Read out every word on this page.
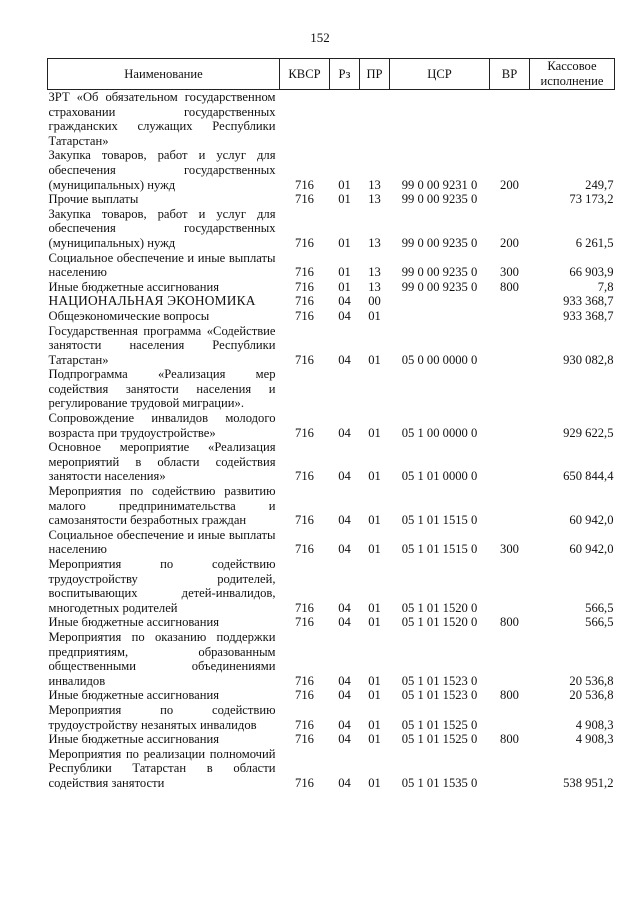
152
Наименование	КВСР	Рз	ПР	ЦСР	ВР	Кассовое исполнение
ЗРТ «Об обязательном государственном страховании государственных гражданских служащих Республики Татарстан»						
Закупка товаров, работ и услуг для обеспечения государственных (муниципальных) нужд	716	01	13	99 0 00 9231 0	200	249,7
Прочие выплаты	716	01	13	99 0 00 9235 0		73 173,2
Закупка товаров, работ и услуг для обеспечения государственных (муниципальных) нужд	716	01	13	99 0 00 9235 0	200	6 261,5
Социальное обеспечение и иные выплаты населению	716	01	13	99 0 00 9235 0	300	66 903,9
Иные бюджетные ассигнования	716	01	13	99 0 00 9235 0	800	7,8
НАЦИОНАЛЬНАЯ ЭКОНОМИКА	716	04	00			933 368,7
Общеэкономические вопросы	716	04	01			933 368,7
Государственная программа «Содействие занятости населения Республики Татарстан»	716	04	01	05 0 00 0000 0		930 082,8
Подпрограмма «Реализация мер содействия занятости населения и регулирование трудовой миграции».						
Сопровождение инвалидов молодого возраста при трудоустройстве»	716	04	01	05 1 00 0000 0		929 622,5
Основное мероприятие «Реализация мероприятий в области содействия занятости населения»	716	04	01	05 1 01 0000 0		650 844,4
Мероприятия по содействию развитию малого предпринимательства и самозанятости безработных граждан	716	04	01	05 1 01 1515 0		60 942,0
Социальное обеспечение и иные выплаты населению	716	04	01	05 1 01 1515 0	300	60 942,0
Мероприятия по содействию трудоустройству родителей, воспитывающих детей-инвалидов, многодетных родителей	716	04	01	05 1 01 1520 0		566,5
Иные бюджетные ассигнования	716	04	01	05 1 01 1520 0	800	566,5
Мероприятия по оказанию поддержки предприятиям, образованным общественными объединениями инвалидов	716	04	01	05 1 01 1523 0		20 536,8
Иные бюджетные ассигнования	716	04	01	05 1 01 1523 0	800	20 536,8
Мероприятия по содействию трудоустройству незанятых инвалидов	716	04	01	05 1 01 1525 0		4 908,3
Иные бюджетные ассигнования	716	04	01	05 1 01 1525 0	800	4 908,3
Мероприятия по реализации полномочий Республики Татарстан в области содействия занятости	716	04	01	05 1 01 1535 0		538 951,2
